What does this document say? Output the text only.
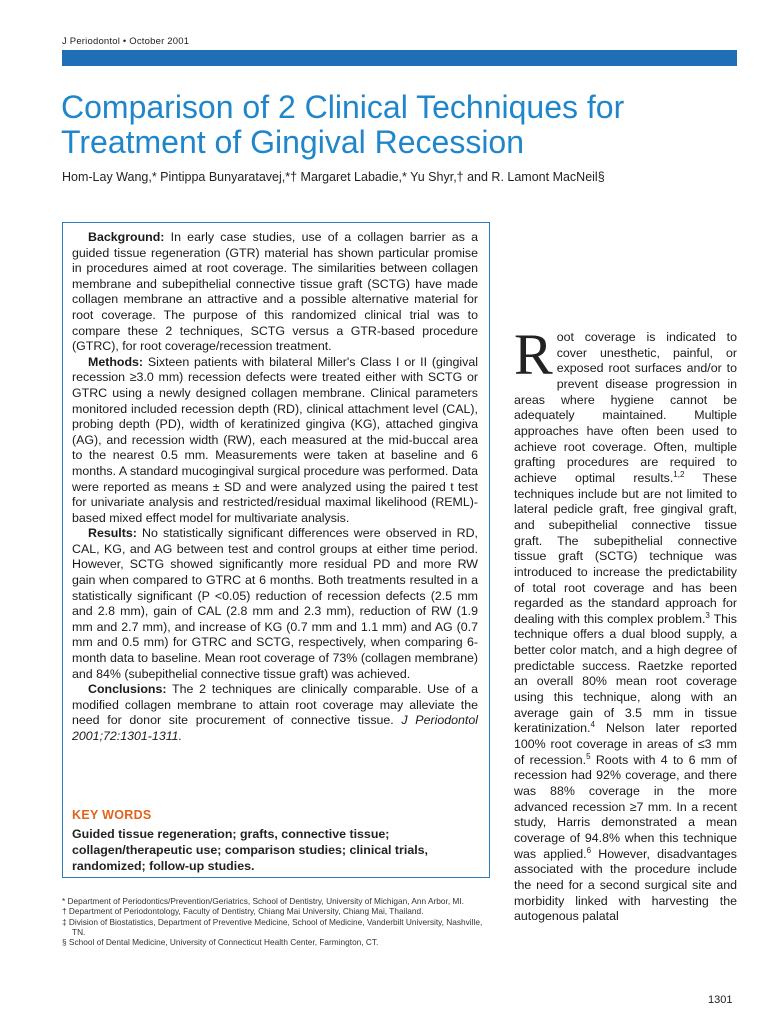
J Periodontol • October 2001
Comparison of 2 Clinical Techniques for Treatment of Gingival Recession
Hom-Lay Wang,* Pintippa Bunyaratavej,*† Margaret Labadie,* Yu Shyr,† and R. Lamont MacNeil§

Background: In early case studies, use of a collagen barrier as a guided tissue regeneration (GTR) material has shown particular promise in procedures aimed at root coverage. The similarities between collagen membrane and subepithelial connective tissue graft (SCTG) have made collagen membrane an attractive and a possible alternative material for root coverage. The purpose of this randomized clinical trial was to compare these 2 techniques, SCTG versus a GTR-based procedure (GTRC), for root coverage/recession treatment.

Methods: Sixteen patients with bilateral Miller's Class I or II (gingival recession ≥3.0 mm) recession defects were treated either with SCTG or GTRC using a newly designed collagen membrane. Clinical parameters monitored included recession depth (RD), clinical attachment level (CAL), probing depth (PD), width of keratinized gingiva (KG), attached gingiva (AG), and recession width (RW), each measured at the mid-buccal area to the nearest 0.5 mm. Measurements were taken at baseline and 6 months. A standard mucogingival surgical procedure was performed. Data were reported as means ± SD and were analyzed using the paired t test for univariate analysis and restricted/residual maximal likelihood (REML)-based mixed effect model for multivariate analysis.

Results: No statistically significant differences were observed in RD, CAL, KG, and AG between test and control groups at either time period. However, SCTG showed significantly more residual PD and more RW gain when compared to GTRC at 6 months. Both treatments resulted in a statistically significant (P <0.05) reduction of recession defects (2.5 mm and 2.8 mm), gain of CAL (2.8 mm and 2.3 mm), reduction of RW (1.9 mm and 2.7 mm), and increase of KG (0.7 mm and 1.1 mm) and AG (0.7 mm and 0.5 mm) for GTRC and SCTG, respectively, when comparing 6-month data to baseline. Mean root coverage of 73% (collagen membrane) and 84% (subepithelial connective tissue graft) was achieved.

Conclusions: The 2 techniques are clinically comparable. Use of a modified collagen membrane to attain root coverage may alleviate the need for donor site procurement of connective tissue. J Periodontol 2001;72:1301-1311.

KEY WORDS
Guided tissue regeneration; grafts, connective tissue; collagen/therapeutic use; comparison studies; clinical trials, randomized; follow-up studies.
* Department of Periodontics/Prevention/Geriatrics, School of Dentistry, University of Michigan, Ann Arbor, MI.
† Department of Periodontology, Faculty of Dentistry, Chiang Mai University, Chiang Mai, Thailand.
‡ Division of Biostatistics, Department of Preventive Medicine, School of Medicine, Vanderbilt University, Nashville, TN.
§ School of Dental Medicine, University of Connecticut Health Center, Farmington, CT.
Root coverage is indicated to cover unesthetic, painful, or exposed root surfaces and/or to prevent disease progression in areas where hygiene cannot be adequately maintained. Multiple approaches have often been used to achieve root coverage. Often, multiple grafting procedures are required to achieve optimal results.$^{1,2}$ These techniques include but are not limited to lateral pedicle graft, free gingival graft, and subepithelial connective tissue graft. The subepithelial connective tissue graft (SCTG) technique was introduced to increase the predictability of total root coverage and has been regarded as the standard approach for dealing with this complex problem.$^3$ This technique offers a dual blood supply, a better color match, and a high degree of predictable success. Raetzke reported an overall 80% mean root coverage using this technique, along with an average gain of 3.5 mm in tissue keratinization.$^4$ Nelson later reported 100% root coverage in areas of ≤3 mm of recession.$^5$ Roots with 4 to 6 mm of recession had 92% coverage, and there was 88% coverage in the more advanced recession ≥7 mm. In a recent study, Harris demonstrated a mean coverage of 94.8% when this technique was applied.$^6$ However, disadvantages associated with the procedure include the need for a second surgical site and morbidity linked with harvesting the autogenous palatal
1301
